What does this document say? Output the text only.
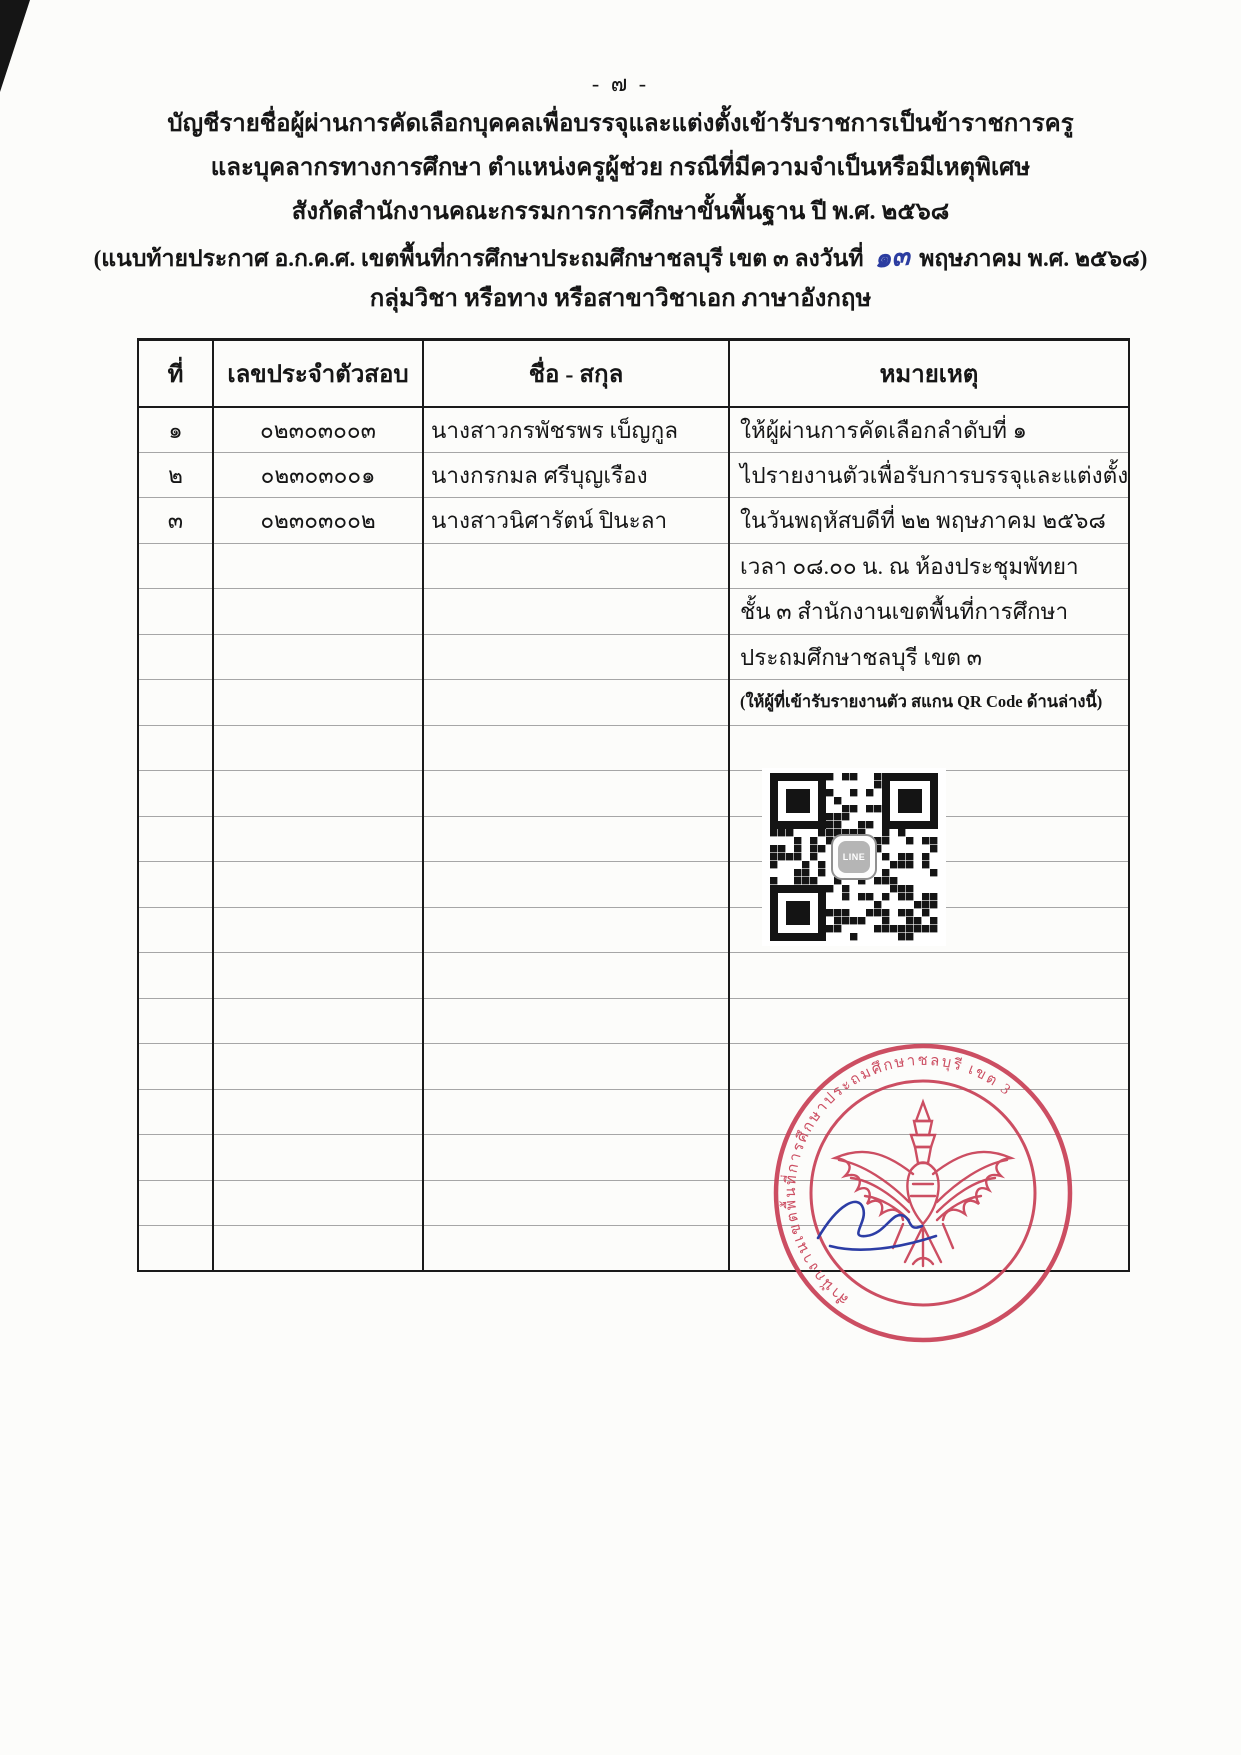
- ๗ -
บัญชีรายชื่อผู้ผ่านการคัดเลือกบุคคลเพื่อบรรจุและแต่งตั้งเข้ารับราชการเป็นข้าราชการครู
และบุคลากรทางการศึกษา ตำแหน่งครูผู้ช่วย กรณีที่มีความจำเป็นหรือมีเหตุพิเศษ
สังกัดสำนักงานคณะกรรมการการศึกษาขั้นพื้นฐาน ปี พ.ศ. ๒๕๖๘
(แนบท้ายประกาศ อ.ก.ค.ศ. เขตพื้นที่การศึกษาประถมศึกษาชลบุรี เขต ๓ ลงวันที่ ๑๓ พฤษภาคม พ.ศ. ๒๕๖๘)
กลุ่มวิชา หรือทาง หรือสาขาวิชาเอก ภาษาอังกฤษ
ที่	เลขประจำตัวสอบ	ชื่อ - สกุล	หมายเหตุ
๑	๐๒๓๐๓๐๐๓	นางสาวกรพัชรพร เบ็ญกูล	ให้ผู้ผ่านการคัดเลือกลำดับที่ ๑
๒	๐๒๓๐๓๐๐๑	นางกรกมล ศรีบุญเรือง	ไปรายงานตัวเพื่อรับการบรรจุและแต่งตั้ง
๓	๐๒๓๐๓๐๐๒	นางสาวนิศารัตน์ ปินะลา	ในวันพฤหัสบดีที่ ๒๒ พฤษภาคม ๒๕๖๘
			เวลา ๐๘.๐๐ น. ณ ห้องประชุมพัทยา
			ชั้น ๓ สำนักงานเขตพื้นที่การศึกษา
			ประถมศึกษาชลบุรี เขต ๓
			(ให้ผู้ที่เข้ารับรายงานตัว สแกน QR Code ด้านล่างนี้)

LINE
สำนักงานเขตพื้นที่การศึกษาประถมศึกษาชลบุรี เขต 3
